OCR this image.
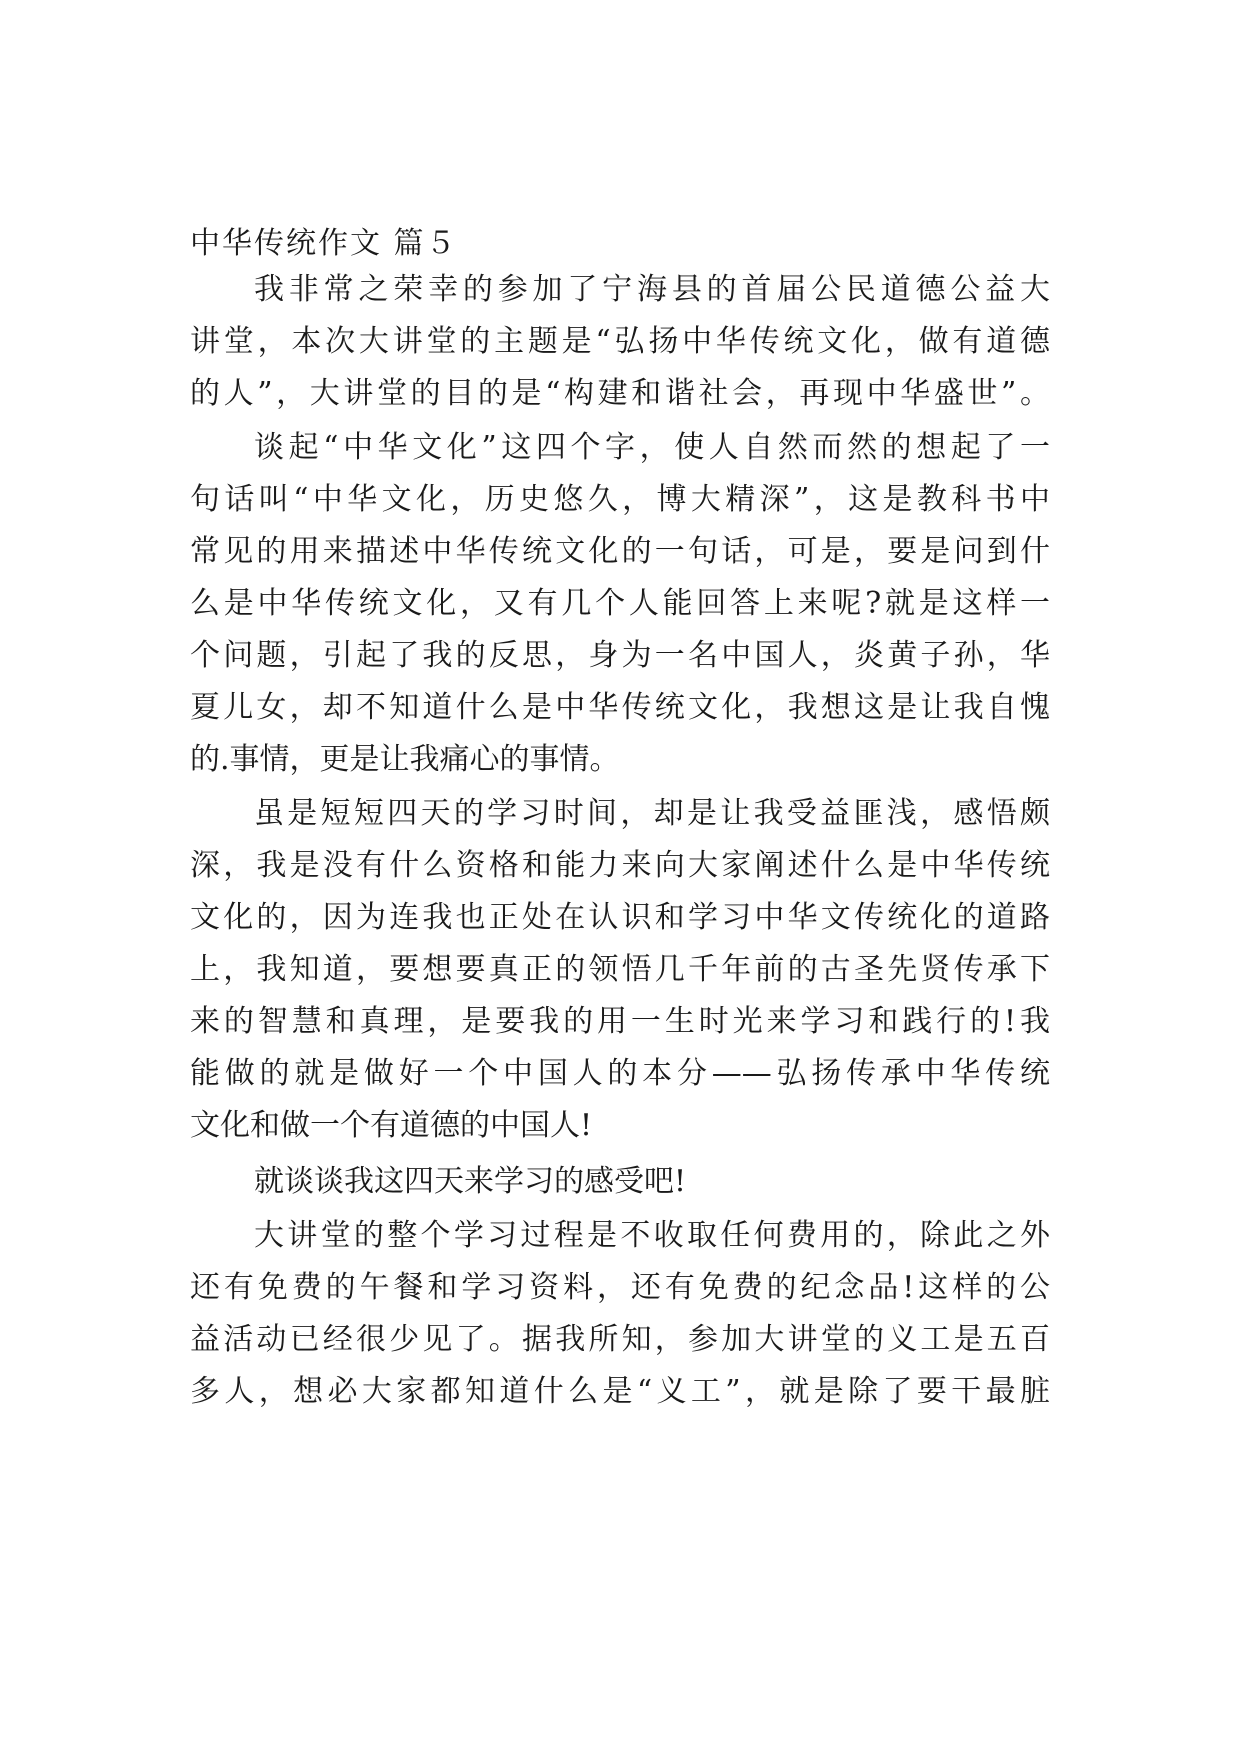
中华传统作文 篇５

我非常之荣幸的参加了宁海县的首届公民道德公益大

讲堂，本次大讲堂的主题是“弘扬中华传统文化，做有道德

的人”，大讲堂的目的是“构建和谐社会，再现中华盛世”。

谈起“中华文化”这四个字，使人自然而然的想起了一

句话叫“中华文化，历史悠久，博大精深”，这是教科书中

常见的用来描述中华传统文化的一句话，可是，要是问到什

么是中华传统文化，又有几个人能回答上来呢?就是这样一

个问题，引起了我的反思，身为一名中国人，炎黄子孙，华

夏儿女，却不知道什么是中华传统文化，我想这是让我自愧

的.事情，更是让我痛心的事情。

虽是短短四天的学习时间，却是让我受益匪浅，感悟颇

深，我是没有什么资格和能力来向大家阐述什么是中华传统

文化的，因为连我也正处在认识和学习中华文传统化的道路

上，我知道，要想要真正的领悟几千年前的古圣先贤传承下

来的智慧和真理，是要我的用一生时光来学习和践行的!我

能做的就是做好一个中国人的本分——弘扬传承中华传统

文化和做一个有道德的中国人!

就谈谈我这四天来学习的感受吧!

大讲堂的整个学习过程是不收取任何费用的，除此之外

还有免费的午餐和学习资料，还有免费的纪念品!这样的公

益活动已经很少见了。据我所知，参加大讲堂的义工是五百

多人，想必大家都知道什么是“义工”，就是除了要干最脏
